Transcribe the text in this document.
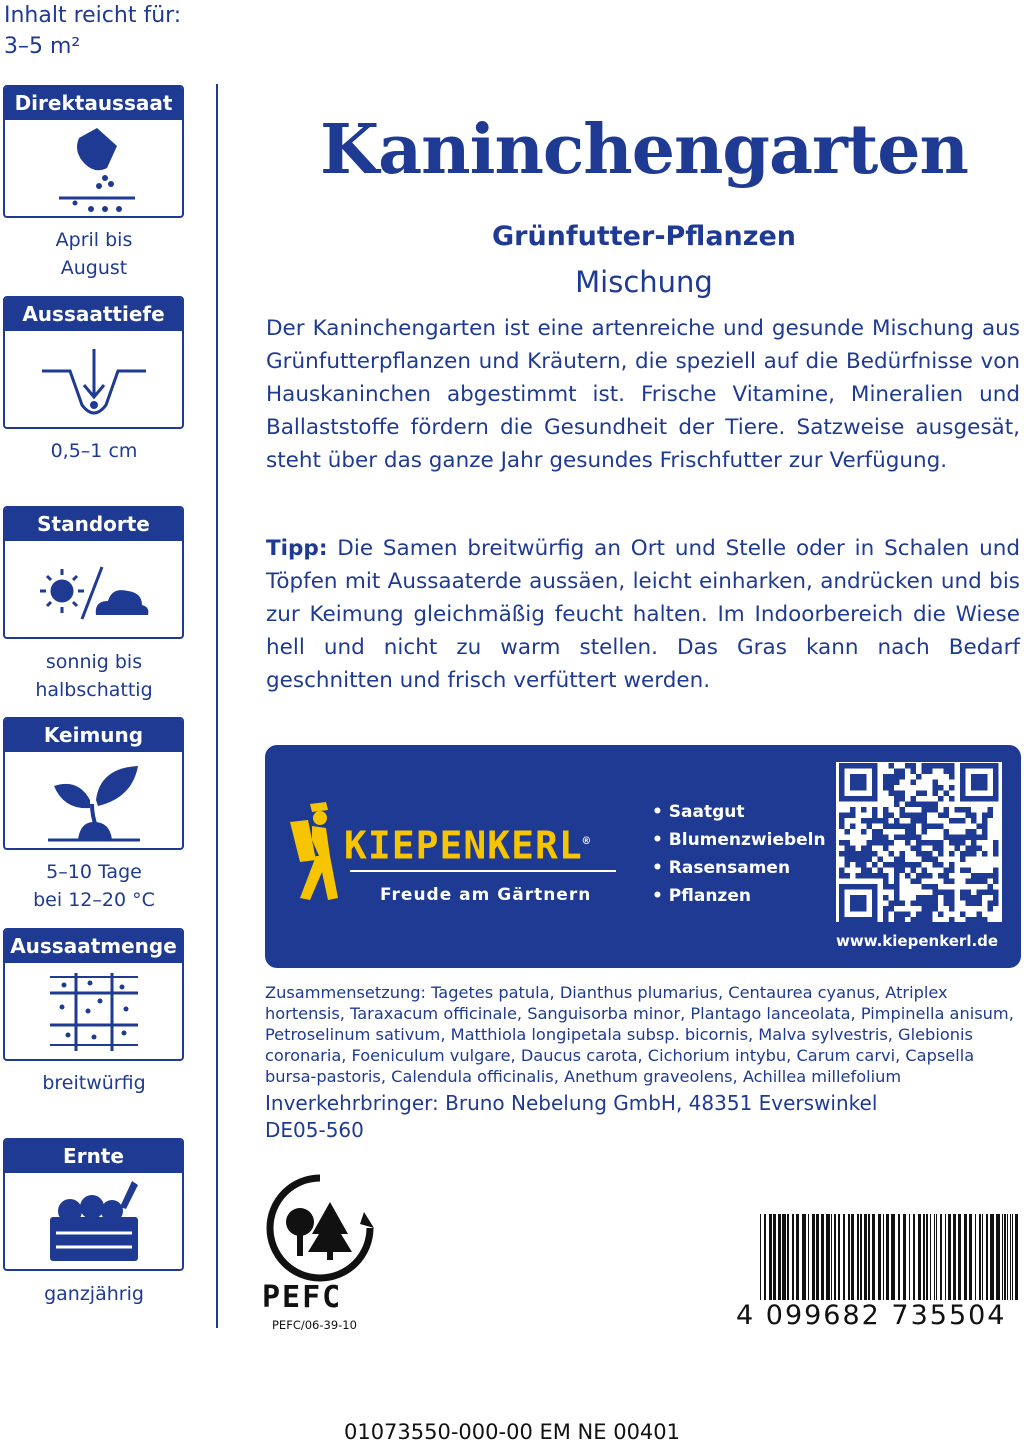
Inhalt reicht für:
3–5 m²
Direktaussaat
April bis
August
Aussaattiefe
0,5–1 cm
Standorte
sonnig bis
halbschattig
Keimung
5–10 Tage
bei 12–20 °C
Aussaatmenge
breitwürfig
Ernte
ganzjährig
Kaninchengarten
Grünfutter-Pflanzen
Mischung
Der Kaninchengarten ist eine artenreiche und gesunde Mischung aus Grünfutterpflanzen und Kräutern, die speziell auf die Bedürfnisse von Hauskaninchen abgestimmt ist. Frische Vitamine, Mineralien und Ballaststoffe fördern die Gesundheit der Tiere. Satzweise ausgesät, steht über das ganze Jahr gesundes Frischfutter zur Verfügung.
Tipp: Die Samen breitwürfig an Ort und Stelle oder in Schalen und Töpfen mit Aussaaterde aussäen, leicht einharken, andrücken und bis zur Keimung gleichmäßig feucht halten. Im Indoorbereich die Wiese hell und nicht zu warm stellen. Das Gras kann nach Bedarf geschnitten und frisch verfüttert werden.
KIEPENKERL®
Freude am Gärtnern
• Saatgut
• Blumenzwiebeln
• Rasensamen
• Pflanzen
www.kiepenkerl.de
Zusammensetzung: Tagetes patula, Dianthus plumarius, Centaurea cyanus, Atriplex hortensis, Taraxacum officinale, Sanguisorba minor, Plantago lanceolata, Pimpinella anisum, Petroselinum sativum, Matthiola longipetala subsp. bicornis, Malva sylvestris, Glebionis coronaria, Foeniculum vulgare, Daucus carota, Cichorium intybu, Carum carvi, Capsella bursa-pastoris, Calendula officinalis, Anethum graveolens, Achillea millefolium
Inverkehrbringer: Bruno Nebelung GmbH, 48351 Everswinkel
DE05-560
PEFC
PEFC/06-39-10	4 099682 735504
01073550-000-00 EM NE 00401
